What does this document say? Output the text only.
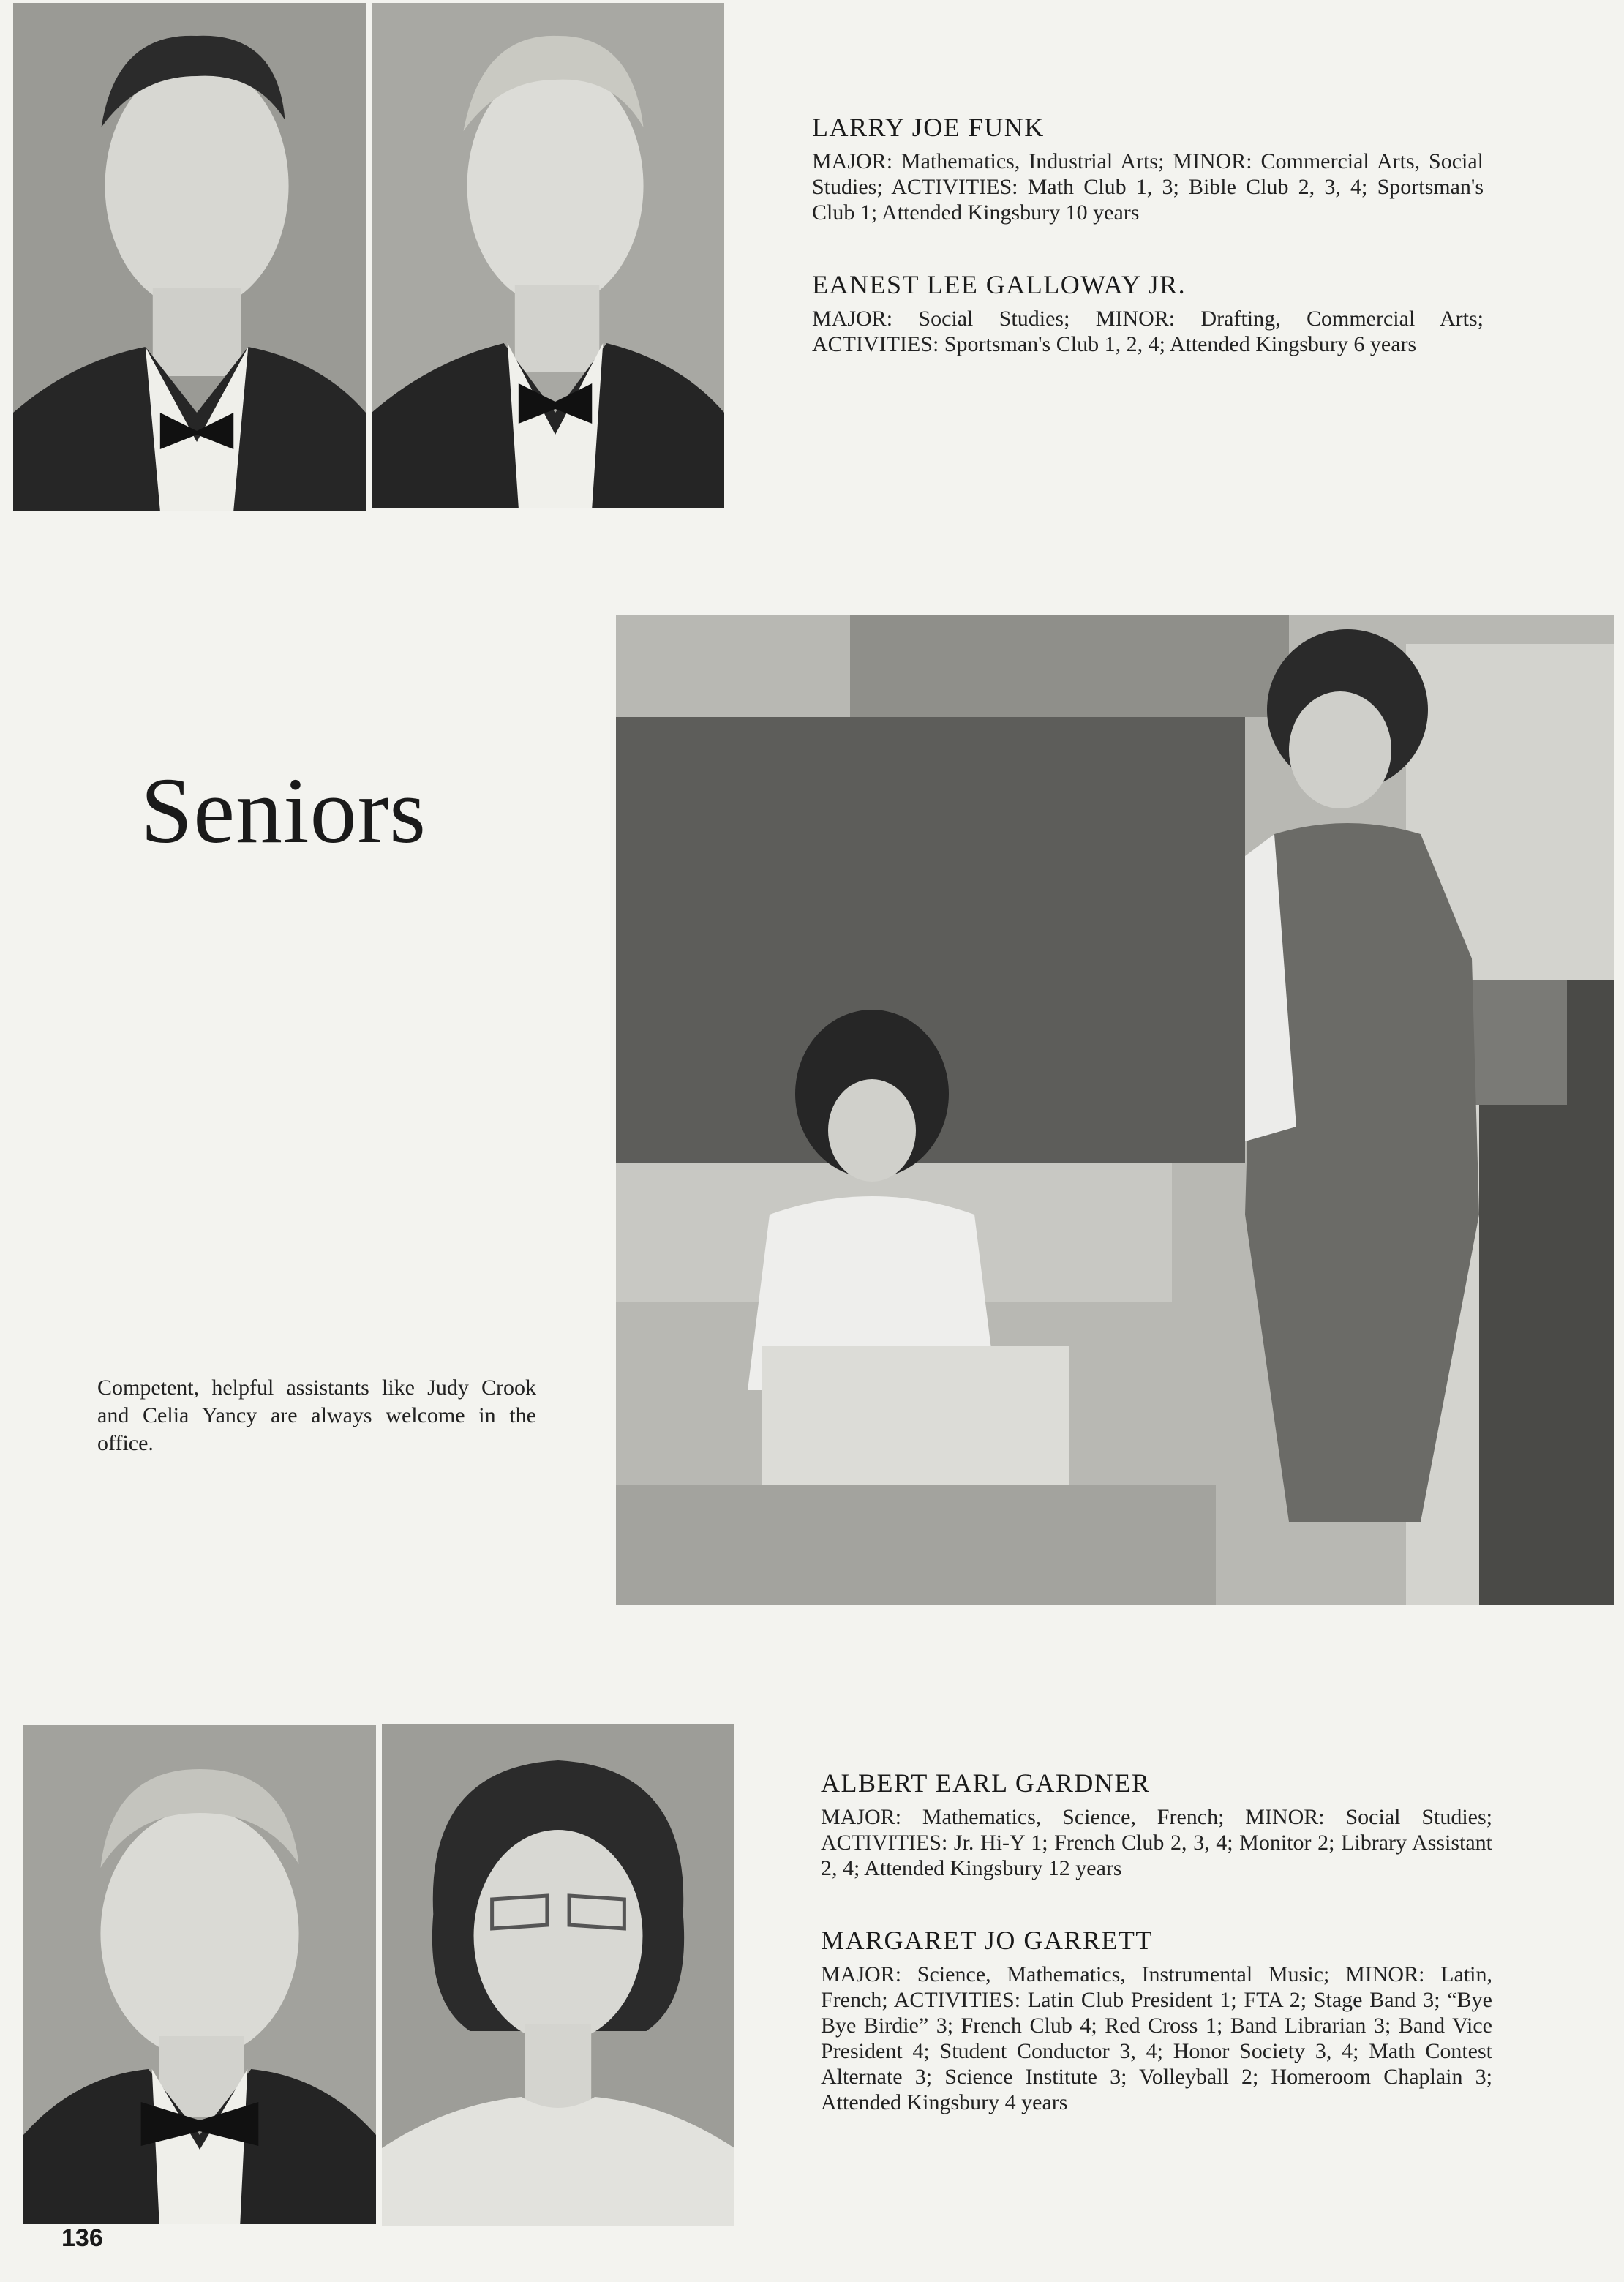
LARRY JOE FUNK

MAJOR: Mathematics, Industrial Arts; MINOR: Commercial Arts, Social Studies; ACTIVITIES: Math Club 1, 3; Bible Club 2, 3, 4; Sportsman's Club 1; Attended Kingsbury 10 years

EANEST LEE GALLOWAY JR.

MAJOR: Social Studies; MINOR: Drafting, Commercial Arts; ACTIVITIES: Sportsman's Club 1, 2, 4; Attended Kingsbury 6 years

Seniors

Competent, helpful assistants like Judy Crook and Celia Yancy are always welcome in the office.

ALBERT EARL GARDNER

MAJOR: Mathematics, Science, French; MINOR: Social Studies; ACTIVITIES: Jr. Hi-Y 1; French Club 2, 3, 4; Monitor 2; Library Assistant 2, 4; Attended Kingsbury 12 years

MARGARET JO GARRETT

MAJOR: Science, Mathematics, Instrumental Music; MINOR: Latin, French; ACTIVITIES: Latin Club President 1; FTA 2; Stage Band 3; “Bye Bye Birdie” 3; French Club 4; Red Cross 1; Band Librarian 3; Band Vice President 4; Student Conductor 3, 4; Honor Society 3, 4; Math Contest Alternate 3; Science Institute 3; Volleyball 2; Homeroom Chaplain 3; Attended Kingsbury 4 years

136
